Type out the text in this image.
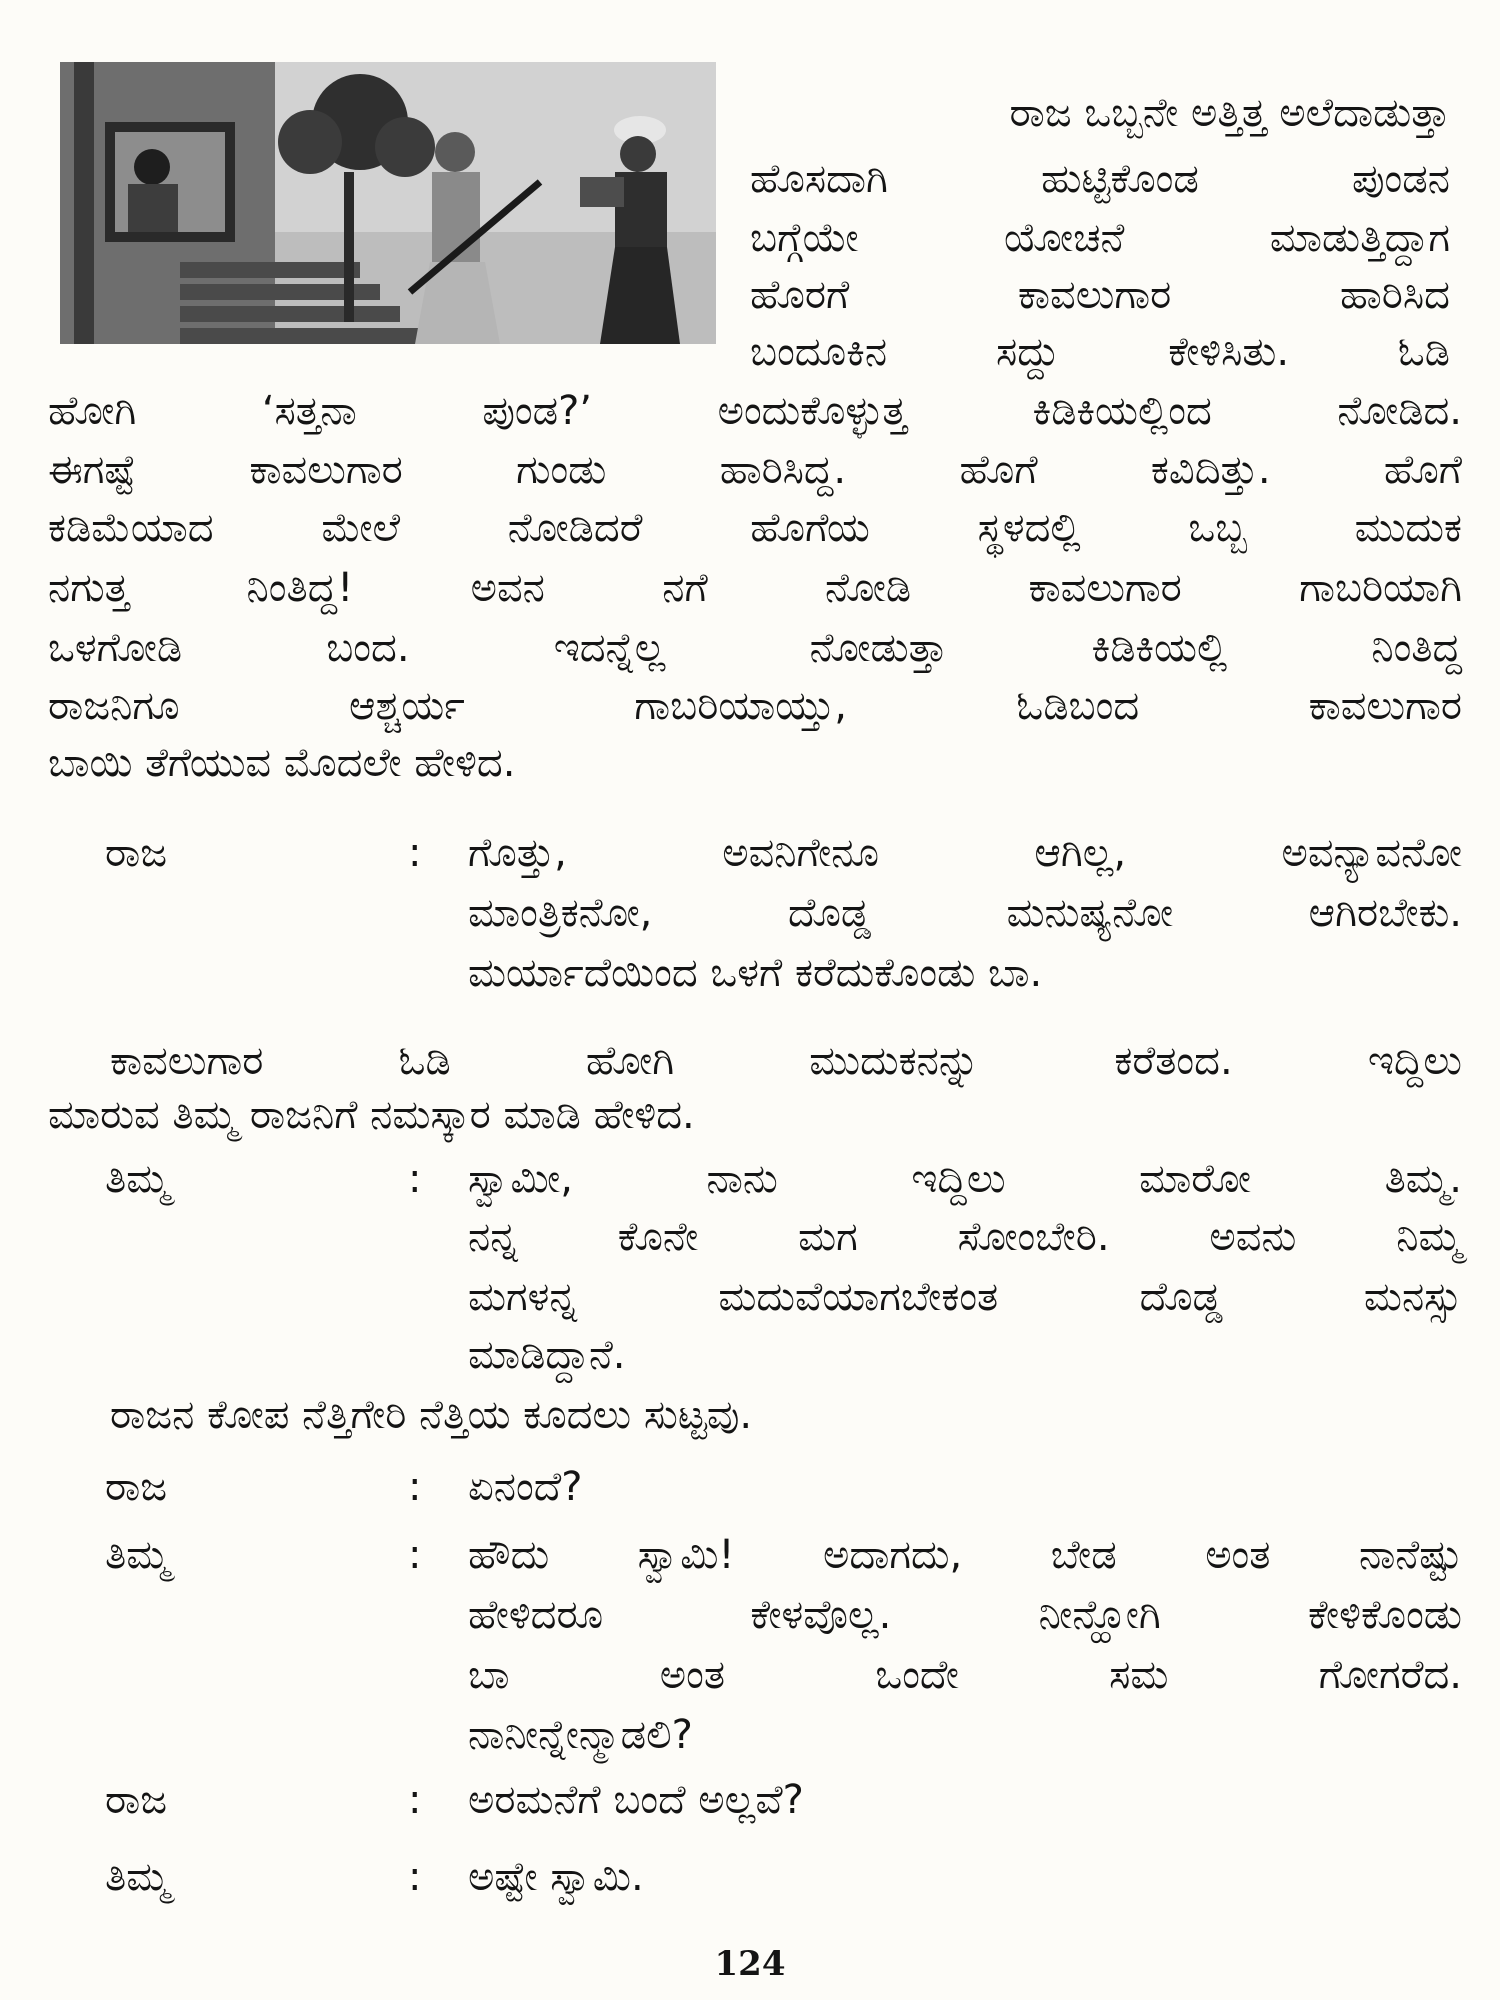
ರಾಜ ಒಬ್ಬನೇ ಅತ್ತಿತ್ತ ಅಲೆದಾಡುತ್ತಾ
ಹೊಸದಾಗಿ ಹುಟ್ಟಿಕೊಂಡ ಪುಂಡನ
ಬಗ್ಗೆಯೇ ಯೋಚನೆ ಮಾಡುತ್ತಿದ್ದಾಗ
ಹೊರಗೆ ಕಾವಲುಗಾರ ಹಾರಿಸಿದ
ಬಂದೂಕಿನ ಸದ್ದು ಕೇಳಿಸಿತು. ಓಡಿ
ಹೋಗಿ ‘ಸತ್ತನಾ ಪುಂಡ?’ ಅಂದುಕೊಳ್ಳುತ್ತ ಕಿಡಿಕಿಯಲ್ಲಿಂದ ನೋಡಿದ.
ಈಗಷ್ಟೆ ಕಾವಲುಗಾರ ಗುಂಡು ಹಾರಿಸಿದ್ದ. ಹೊಗೆ ಕವಿದಿತ್ತು. ಹೊಗೆ
ಕಡಿಮೆಯಾದ ಮೇಲೆ ನೋಡಿದರೆ ಹೊಗೆಯ ಸ್ಥಳದಲ್ಲಿ ಒಬ್ಬ ಮುದುಕ
ನಗುತ್ತ ನಿಂತಿದ್ದ! ಅವನ ನಗೆ ನೋಡಿ ಕಾವಲುಗಾರ ಗಾಬರಿಯಾಗಿ
ಒಳಗೋಡಿ ಬಂದ. ಇದನ್ನೆಲ್ಲ ನೋಡುತ್ತಾ ಕಿಡಿಕಿಯಲ್ಲಿ ನಿಂತಿದ್ದ
ರಾಜನಿಗೂ ಆಶ್ಚರ್ಯ ಗಾಬರಿಯಾಯ್ತು, ಓಡಿಬಂದ ಕಾವಲುಗಾರ
ಬಾಯಿ ತೆಗೆಯುವ ಮೊದಲೇ ಹೇಳಿದ.
ರಾಜ	: ಗೊತ್ತು, ಅವನಿಗೇನೂ ಆಗಿಲ್ಲ, ಅವನ್ಯಾವನೋ
ಮಾಂತ್ರಿಕನೋ, ದೊಡ್ಡ ಮನುಷ್ಯನೋ ಆಗಿರಬೇಕು.
ಮರ್ಯಾದೆಯಿಂದ ಒಳಗೆ ಕರೆದುಕೊಂಡು ಬಾ.
ಕಾವಲುಗಾರ ಓಡಿ ಹೋಗಿ ಮುದುಕನನ್ನು ಕರೆತಂದ. ಇದ್ದಿಲು
ಮಾರುವ ತಿಮ್ಮ ರಾಜನಿಗೆ ನಮಸ್ಕಾರ ಮಾಡಿ ಹೇಳಿದ.
ತಿಮ್ಮ	: ಸ್ವಾಮೀ, ನಾನು ಇದ್ದಿಲು ಮಾರೋ ತಿಮ್ಮ.
ನನ್ನ ಕೊನೇ ಮಗ ಸೋಂಬೇರಿ. ಅವನು ನಿಮ್ಮ
ಮಗಳನ್ನ ಮದುವೆಯಾಗಬೇಕಂತ ದೊಡ್ಡ ಮನಸ್ಸು
ಮಾಡಿದ್ದಾನೆ.
ರಾಜನ ಕೋಪ ನೆತ್ತಿಗೇರಿ ನೆತ್ತಿಯ ಕೂದಲು ಸುಟ್ಟವು.
ರಾಜ	: ಏನಂದೆ?
ತಿಮ್ಮ	: ಹೌದು ಸ್ವಾಮಿ! ಅದಾಗದು, ಬೇಡ ಅಂತ ನಾನೆಷ್ಟು
ಹೇಳಿದರೂ ಕೇಳವೊಲ್ಲ. ನೀನ್ಹೋಗಿ ಕೇಳಿಕೊಂಡು
ಬಾ ಅಂತ ಒಂದೇ ಸಮ ಗೋಗರೆದ.
ನಾನೀನ್ನೇನ್ಮಾಡಲಿ?
ರಾಜ	: ಅರಮನೆಗೆ ಬಂದೆ ಅಲ್ಲವೆ?
ತಿಮ್ಮ	: ಅಷ್ಟೇ ಸ್ವಾಮಿ.
124
